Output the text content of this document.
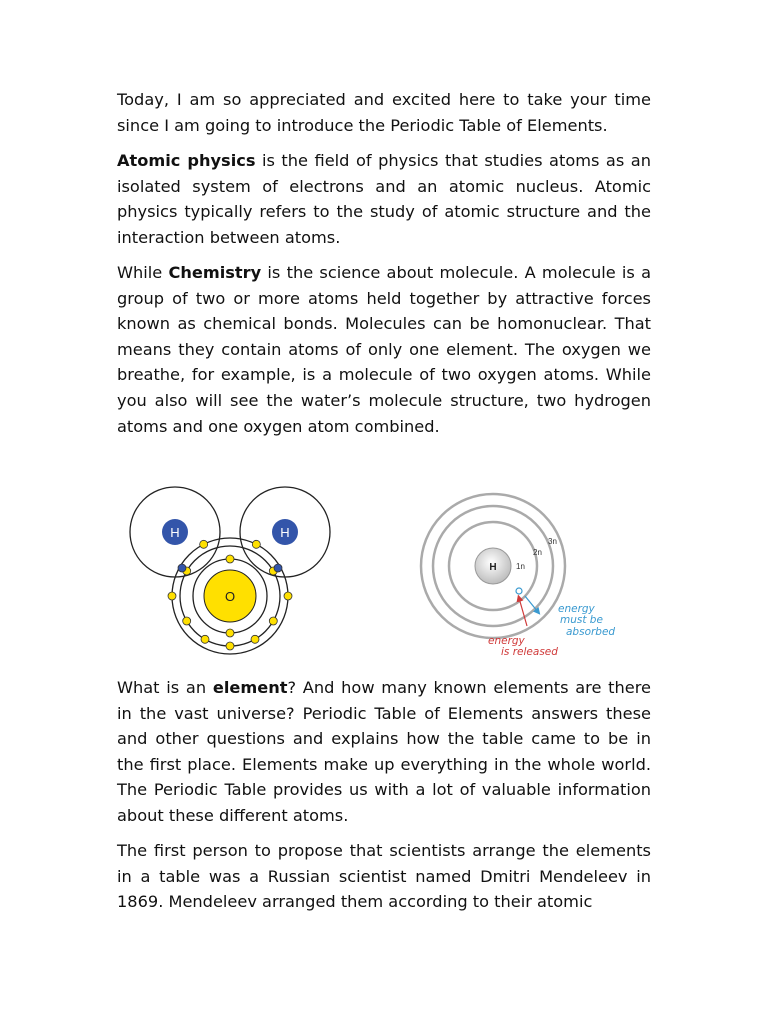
Today, I am so appreciated and excited here to take your time since I am going to introduce the Periodic Table of Elements.

Atomic physics is the field of physics that studies atoms as an isolated system of electrons and an atomic nucleus. Atomic physics typically refers to the study of atomic structure and the interaction between atoms.

While Chemistry is the science about molecule. A molecule is a group of two or more atoms held together by attractive forces known as chemical bonds. Molecules can be homonuclear. That means they contain atoms of only one element. The oxygen we breathe, for example, is a molecule of two oxygen atoms. While you also will see the water’s molecule structure, two hydrogen atoms and one oxygen atom combined.

H	H
O
H 1n
2n
3n
energy
must be
absorbed
energy
is released

What is an element? And how many known elements are there in the vast universe? Periodic Table of Elements answers these and other questions and explains how the table came to be in the first place. Elements make up everything in the whole world. The Periodic Table provides us with a lot of valuable information about these different atoms.

The first person to propose that scientists arrange the elements in a table was a Russian scientist named Dmitri Mendeleev in 1869. Mendeleev arranged them according to their atomic
